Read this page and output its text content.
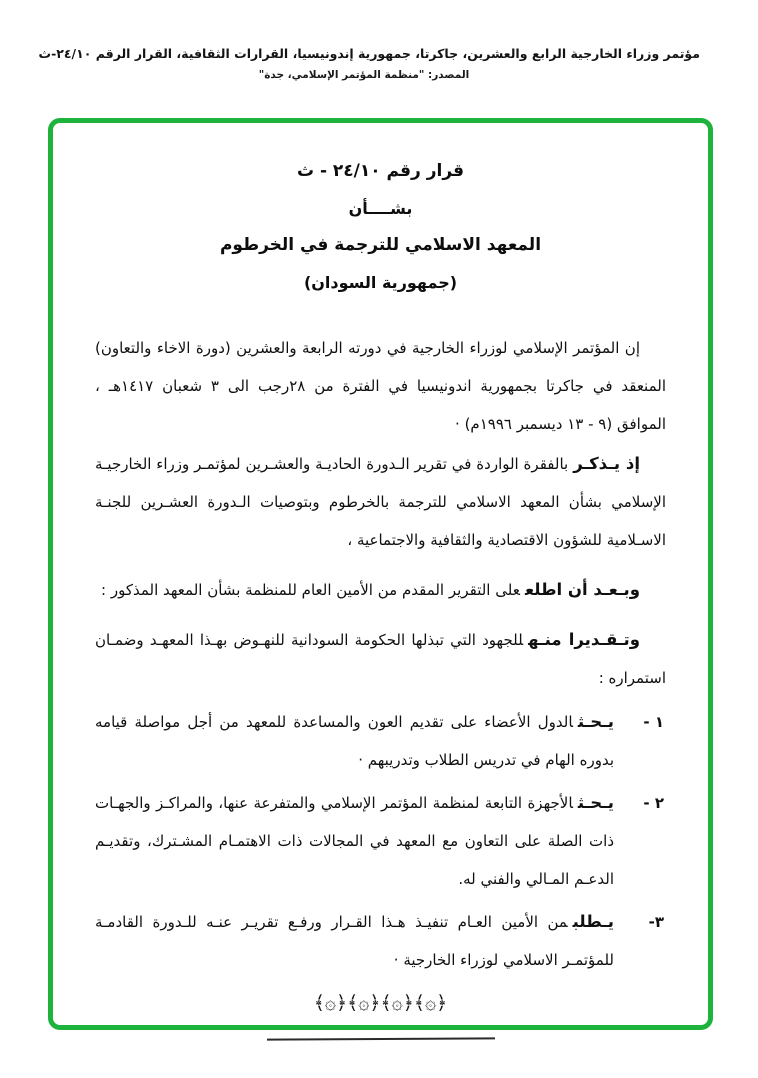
مؤتمر وزراء الخارجية الرابع والعشرين، جاكرتا، جمهورية إندونيسيا، القرارات الثقافية، القرار الرقم ٢٤/١٠-ث
المصدر: "منظمة المؤتمر الإسلامي، جدة"
قرار رقم ٢٤/١٠ - ث
بشــــأن
المعهد الاسلامي للترجمة في الخرطوم
(جمهورية السودان)

إن المؤتمر الإسلامي لوزراء الخارجية في دورته الرابعة والعشرين (دورة الاخاء والتعاون) المنعقد في جاكرتا بجمهورية اندونيسيا في الفترة من ٢٨رجب الى ٣ شعبان ١٤١٧هـ ، الموافق (٩ - ١٣ ديسمبر ١٩٩٦م) ·

إذ يـذكـربالفقرة الواردة في تقرير الـدورة الحاديـة والعشـرين لمؤتمـر وزراء الخارجيـة الإسلامي بشأن المعهد الاسلامي للترجمة بالخرطوم وبتوصيات الـدورة العشـرين للجنـة الاسـلامية للشؤون الاقتصادية والثقافية والاجتماعية ،

وبـعـد أن اطلععلى التقرير المقدم من الأمين العام للمنظمة بشأن المعهد المذكور :

وتـقـديرا منـهللجهود التي تبذلها الحكومة السودانية للنهـوض بهـذا المعهـد وضمـان استمراره :

١ -
يـحـثالدول الأعضاء على تقديم العون والمساعدة للمعهد من أجل مواصلة قيامه بدوره الهام في تدريس الطلاب وتدريبهم ·
٢ -
يـحـثالأجهزة التابعة لمنظمة المؤتمر الإسلامي والمتفرعة عنها، والمراكـز والجهـات ذات الصلة على التعاون مع المعهد في المجالات ذات الاهتمـام المشـترك، وتقديـم الدعـم المـالي والفني له.
٣-
يـطلبمن الأمين العـام تنفيـذ هـذا القـرار ورفـع تقريـر عنـه للـدورة القادمـة للمؤتمـر الاسلامي لوزراء الخارجية ·
﴿۞﴾﴿۞﴾﴿۞﴾﴿۞﴾
